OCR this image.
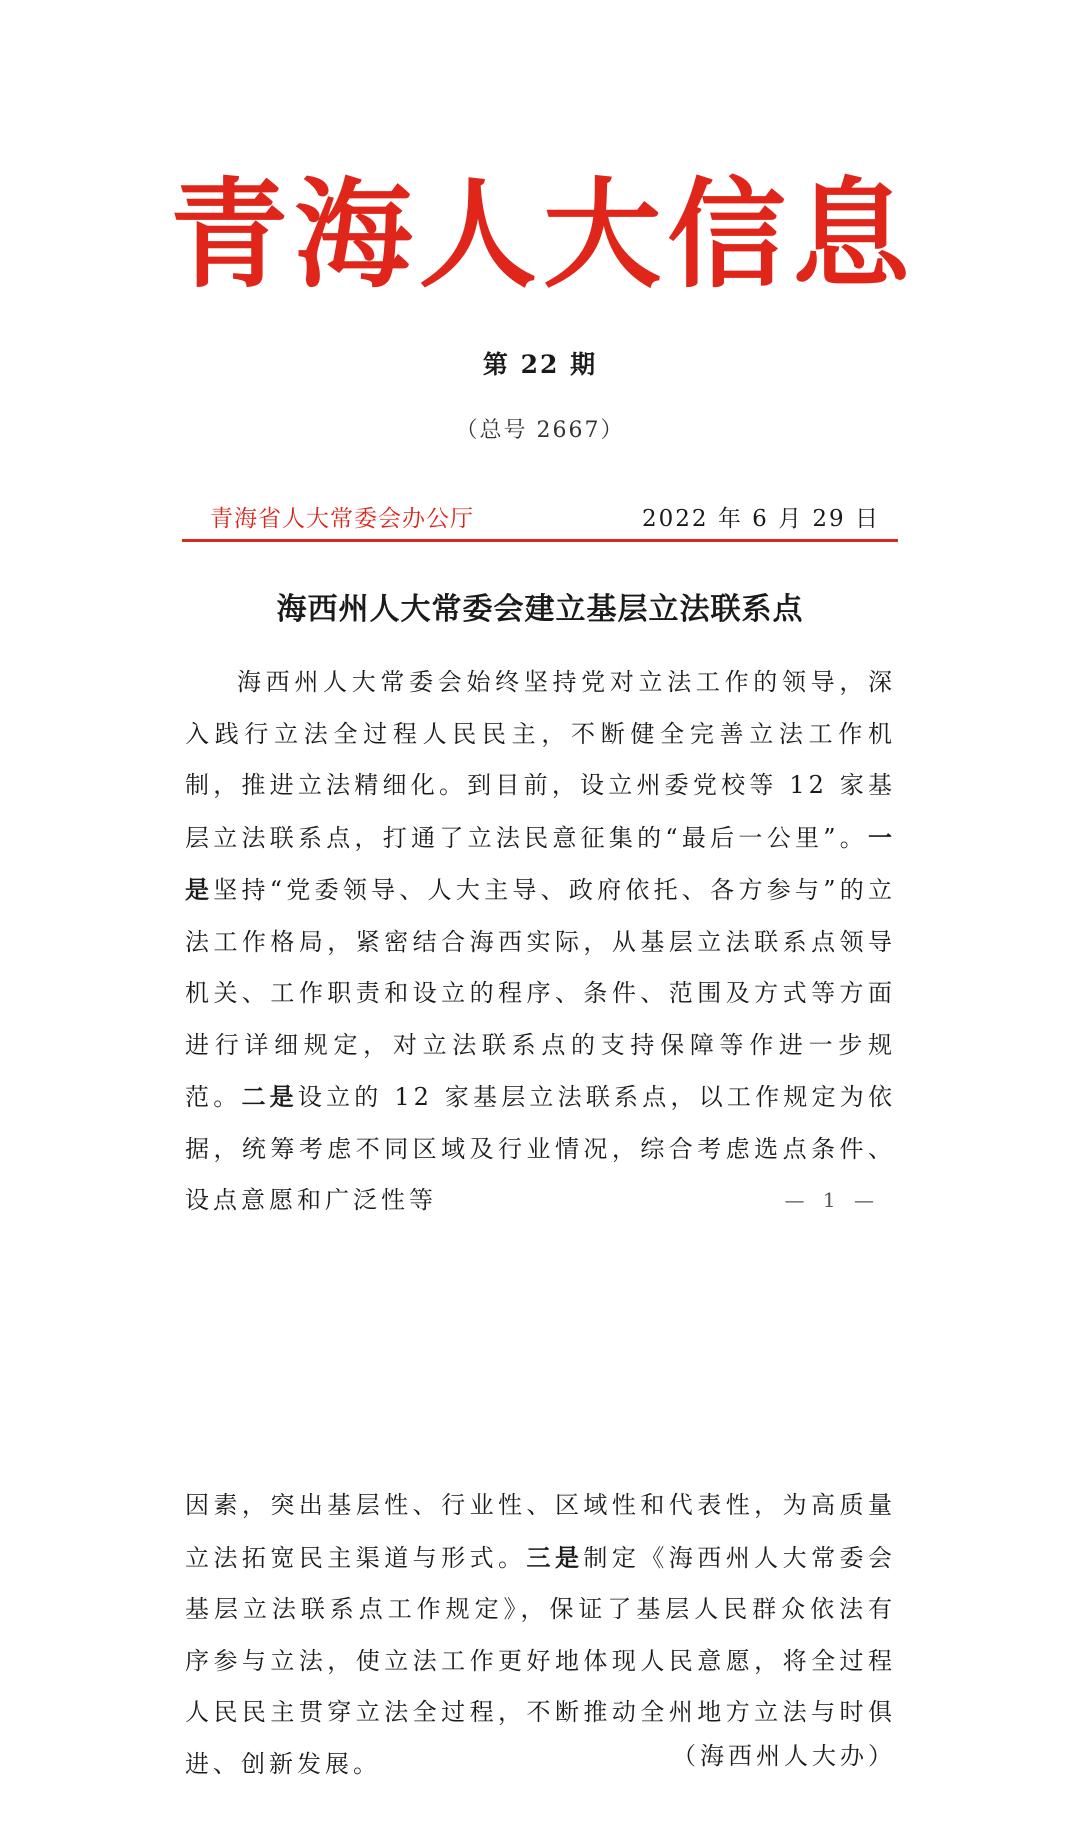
青 海 人 大 信 息
第 22 期
（总号 2667）
青海省人大常委会办公厅	2022 年 6 月 29 日
海西州人大常委会建立基层立法联系点

海西州人大常委会始终坚持党对立法工作的领导，深入践行立法全过程人民民主，不断健全完善立法工作机制，推进立法精细化。到目前，设立州委党校等 12 家基层立法联系点，打通了立法民意征集的“最后一公里”。一是坚持“党委领导、人大主导、政府依托、各方参与”的立法工作格局，紧密结合海西实际，从基层立法联系点领导机关、工作职责和设立的程序、条件、范围及方式等方面进行详细规定，对立法联系点的支持保障等作进一步规范。二是设立的 12 家基层立法联系点，以工作规定为依据，统筹考虑不同区域及行业情况，综合考虑选点条件、设点意愿和广泛性等	— 1 —

因素，突出基层性、行业性、区域性和代表性，为高质量立法拓宽民主渠道与形式。三是制定《海西州人大常委会基层立法联系点工作规定》，保证了基层人民群众依法有序参与立法，使立法工作更好地体现人民意愿，将全过程人民民主贯穿立法全过程，不断推动全州地方立法与时俱进、创新发展。	（海西州人大办）
